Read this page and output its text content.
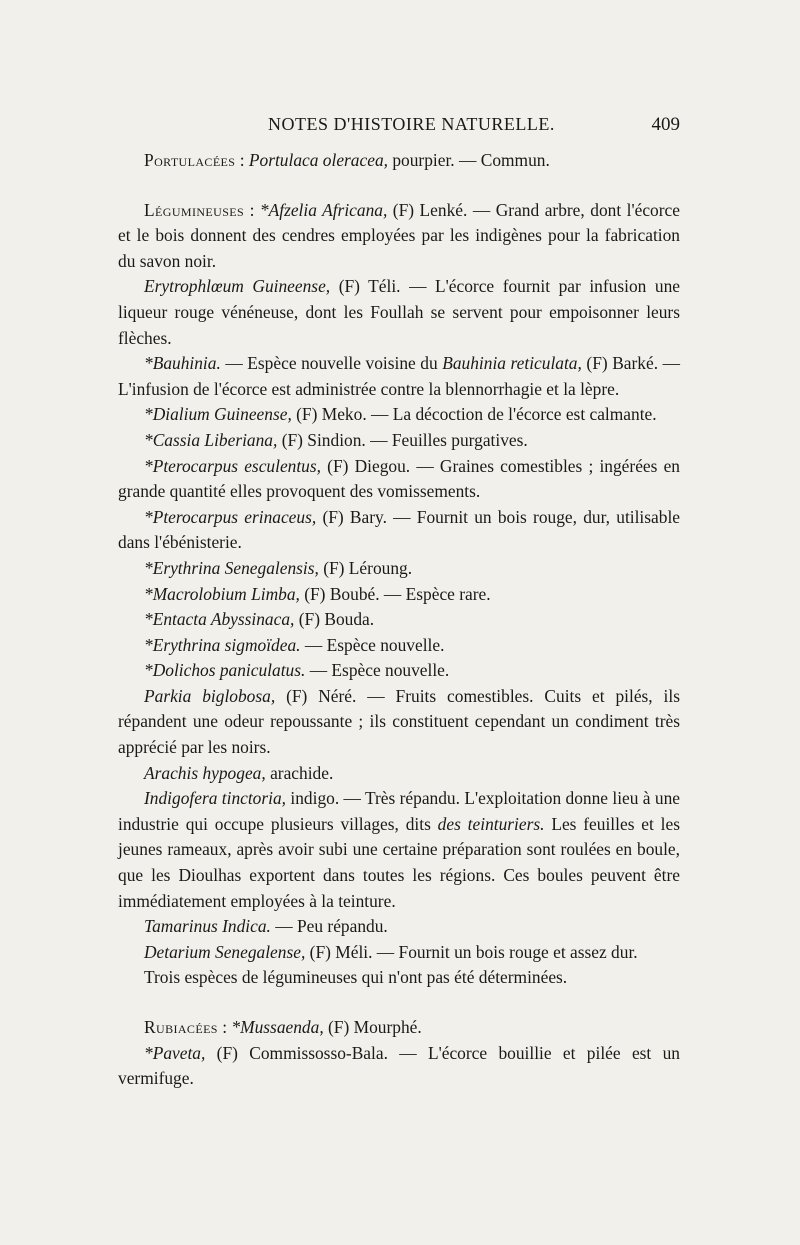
NOTES D'HISTOIRE NATURELLE.	409

Portulacées : Portulaca oleracea, pourpier. — Commun.

Légumineuses : *Afzelia Africana, (F) Lenké. — Grand arbre, dont l'écorce et le bois donnent des cendres employées par les indigènes pour la fabrication du savon noir.

Erytrophlœum Guineense, (F) Téli. — L'écorce fournit par infusion une liqueur rouge vénéneuse, dont les Foullah se servent pour empoisonner leurs flèches.

*Bauhinia. — Espèce nouvelle voisine du Bauhinia reticulata, (F) Barké. — L'infusion de l'écorce est administrée contre la blennorrhagie et la lèpre.

*Dialium Guineense, (F) Meko. — La décoction de l'écorce est calmante.

*Cassia Liberiana, (F) Sindion. — Feuilles purgatives.

*Pterocarpus esculentus, (F) Diegou. — Graines comestibles ; ingérées en grande quantité elles provoquent des vomissements.

*Pterocarpus erinaceus, (F) Bary. — Fournit un bois rouge, dur, utilisable dans l'ébénisterie.

*Erythrina Senegalensis, (F) Léroung.

*Macrolobium Limba, (F) Boubé. — Espèce rare.

*Entacta Abyssinaca, (F) Bouda.

*Erythrina sigmoïdea. — Espèce nouvelle.

*Dolichos paniculatus. — Espèce nouvelle.

Parkia biglobosa, (F) Néré. — Fruits comestibles. Cuits et pilés, ils répandent une odeur repoussante ; ils constituent cependant un condiment très apprécié par les noirs.

Arachis hypogea, arachide.

Indigofera tinctoria, indigo. — Très répandu. L'exploitation donne lieu à une industrie qui occupe plusieurs villages, dits des teinturiers. Les feuilles et les jeunes rameaux, après avoir subi une certaine préparation sont roulées en boule, que les Dioulhas exportent dans toutes les régions. Ces boules peuvent être immédiatement employées à la teinture.

Tamarinus Indica. — Peu répandu.

Detarium Senegalense, (F) Méli. — Fournit un bois rouge et assez dur.

Trois espèces de légumineuses qui n'ont pas été déterminées.

Rubiacées : *Mussaenda, (F) Mourphé.

*Paveta, (F) Commissosso-Bala. — L'écorce bouillie et pilée est un vermifuge.
